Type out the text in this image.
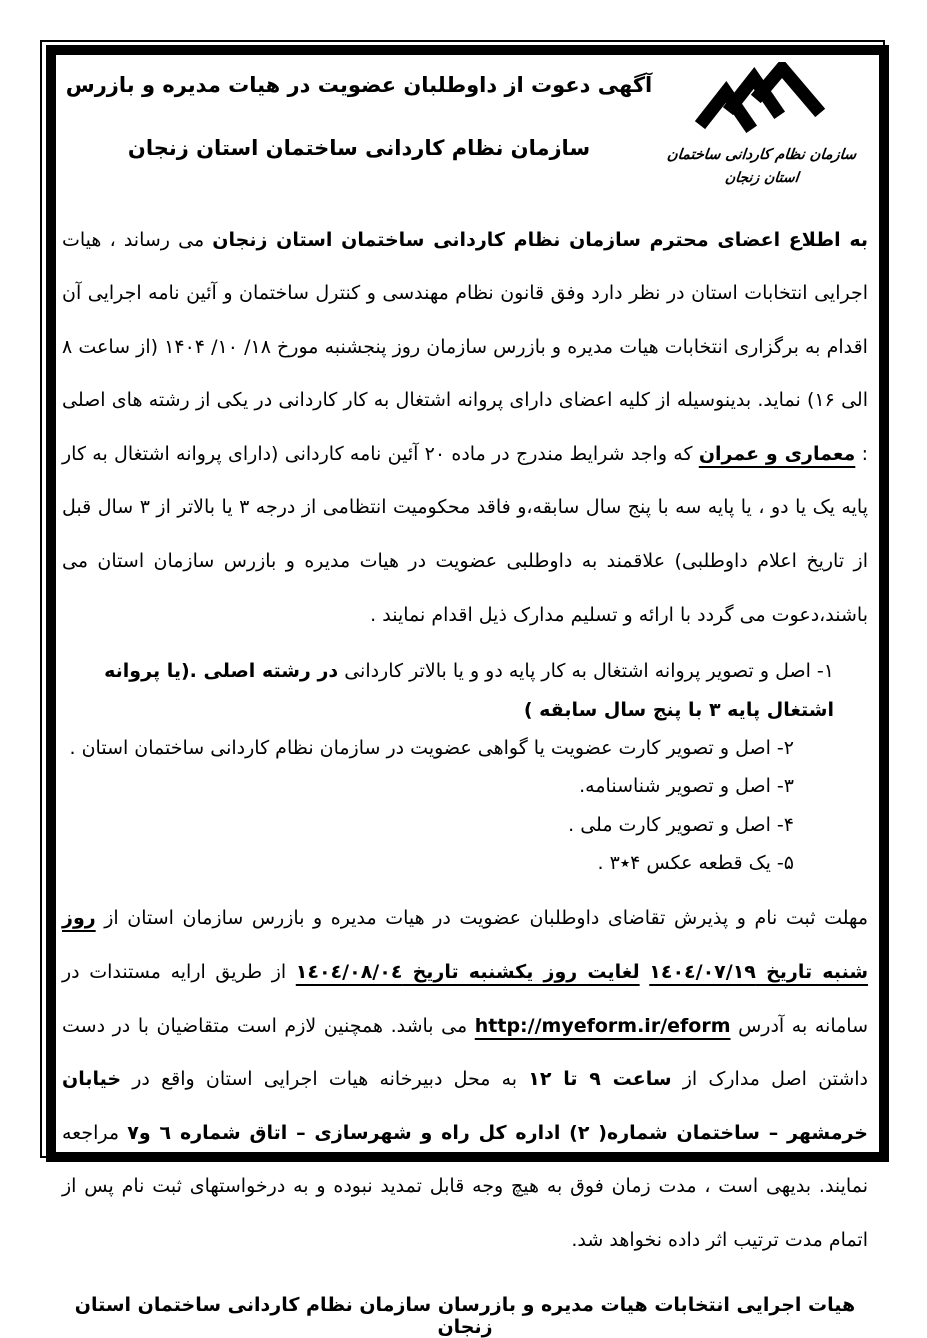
سازمان نظام کاردانی ساختمان
استان زنجان
آگهی دعوت از داوطلبان عضویت در هیات مدیره و بازرس
سازمان نظام کاردانی ساختمان استان زنجان

به اطلاع اعضای محترم سازمان نظام کاردانی ساختمان استان زنجان می رساند ، هیات اجرایی انتخابات استان در نظر دارد وفق قانون نظام مهندسی و کنترل ساختمان و آئین نامه اجرایی آن اقدام به برگزاری انتخابات هیات مدیره و بازرس سازمان روز پنجشنبه مورخ ۱۸/ ۱۰/ ۱۴۰۴ (از ساعت ۸ الی ۱۶) نماید. بدینوسیله از کلیه اعضای دارای پروانه اشتغال به کار کاردانی در یکی از رشته های اصلی : معماری و عمران که واجد شرایط مندرج در ماده ۲۰ آئین نامه کاردانی (دارای پروانه اشتغال به کار پایه یک یا دو ، یا پایه سه با پنج سال سابقه،و فاقد محکومیت انتظامی از درجه ۳ یا بالاتر از ۳ سال قبل از تاریخ اعلام داوطلبی) علاقمند به داوطلبی عضویت در هیات مدیره و بازرس سازمان استان می باشند،دعوت می گردد با ارائه و تسلیم مدارک ذیل اقدام نمایند .

۱- اصل و تصویر پروانه اشتغال به کار پایه دو و یا بالاتر کاردانی در رشته اصلی .(یا پروانه اشتغال پایه ۳ با پنج سال سابقه )
۲- اصل و تصویر کارت عضویت یا گواهی عضویت در سازمان نظام کاردانی ساختمان استان .
۳- اصل و تصویر شناسنامه.
۴- اصل و تصویر کارت ملی .
۵- یک قطعه عکس ۴٭۳ .

مهلت ثبت نام و پذیرش تقاضای داوطلبان عضویت در هیات مدیره و بازرس سازمان استان از روز شنبه تاریخ ١٤٠٤/٠٧/١٩ لغایت روز یکشنبه تاریخ ١٤٠٤/٠٨/٠٤ از طریق ارایه مستندات در سامانه به آدرس http://myeform.ir/eform می باشد. همچنین لازم است متقاضیان با در دست داشتن اصل مدارک از ساعت ۹ تا ۱۲ به محل دبیرخانه هیات اجرایی استان واقع در خیابان خرمشهر – ساختمان شماره( ۲) اداره کل راه و شهرسازی – اتاق شماره ٦ و۷ مراجعه نمایند. بدیهی است ، مدت زمان فوق به هیچ وجه قابل تمدید نبوده و به درخواستهای ثبت نام پس از اتمام مدت ترتیب اثر داده نخواهد شد.

هیات اجرایی انتخابات هیات مدیره و بازرسان سازمان نظام کاردانی ساختمان استان زنجان
